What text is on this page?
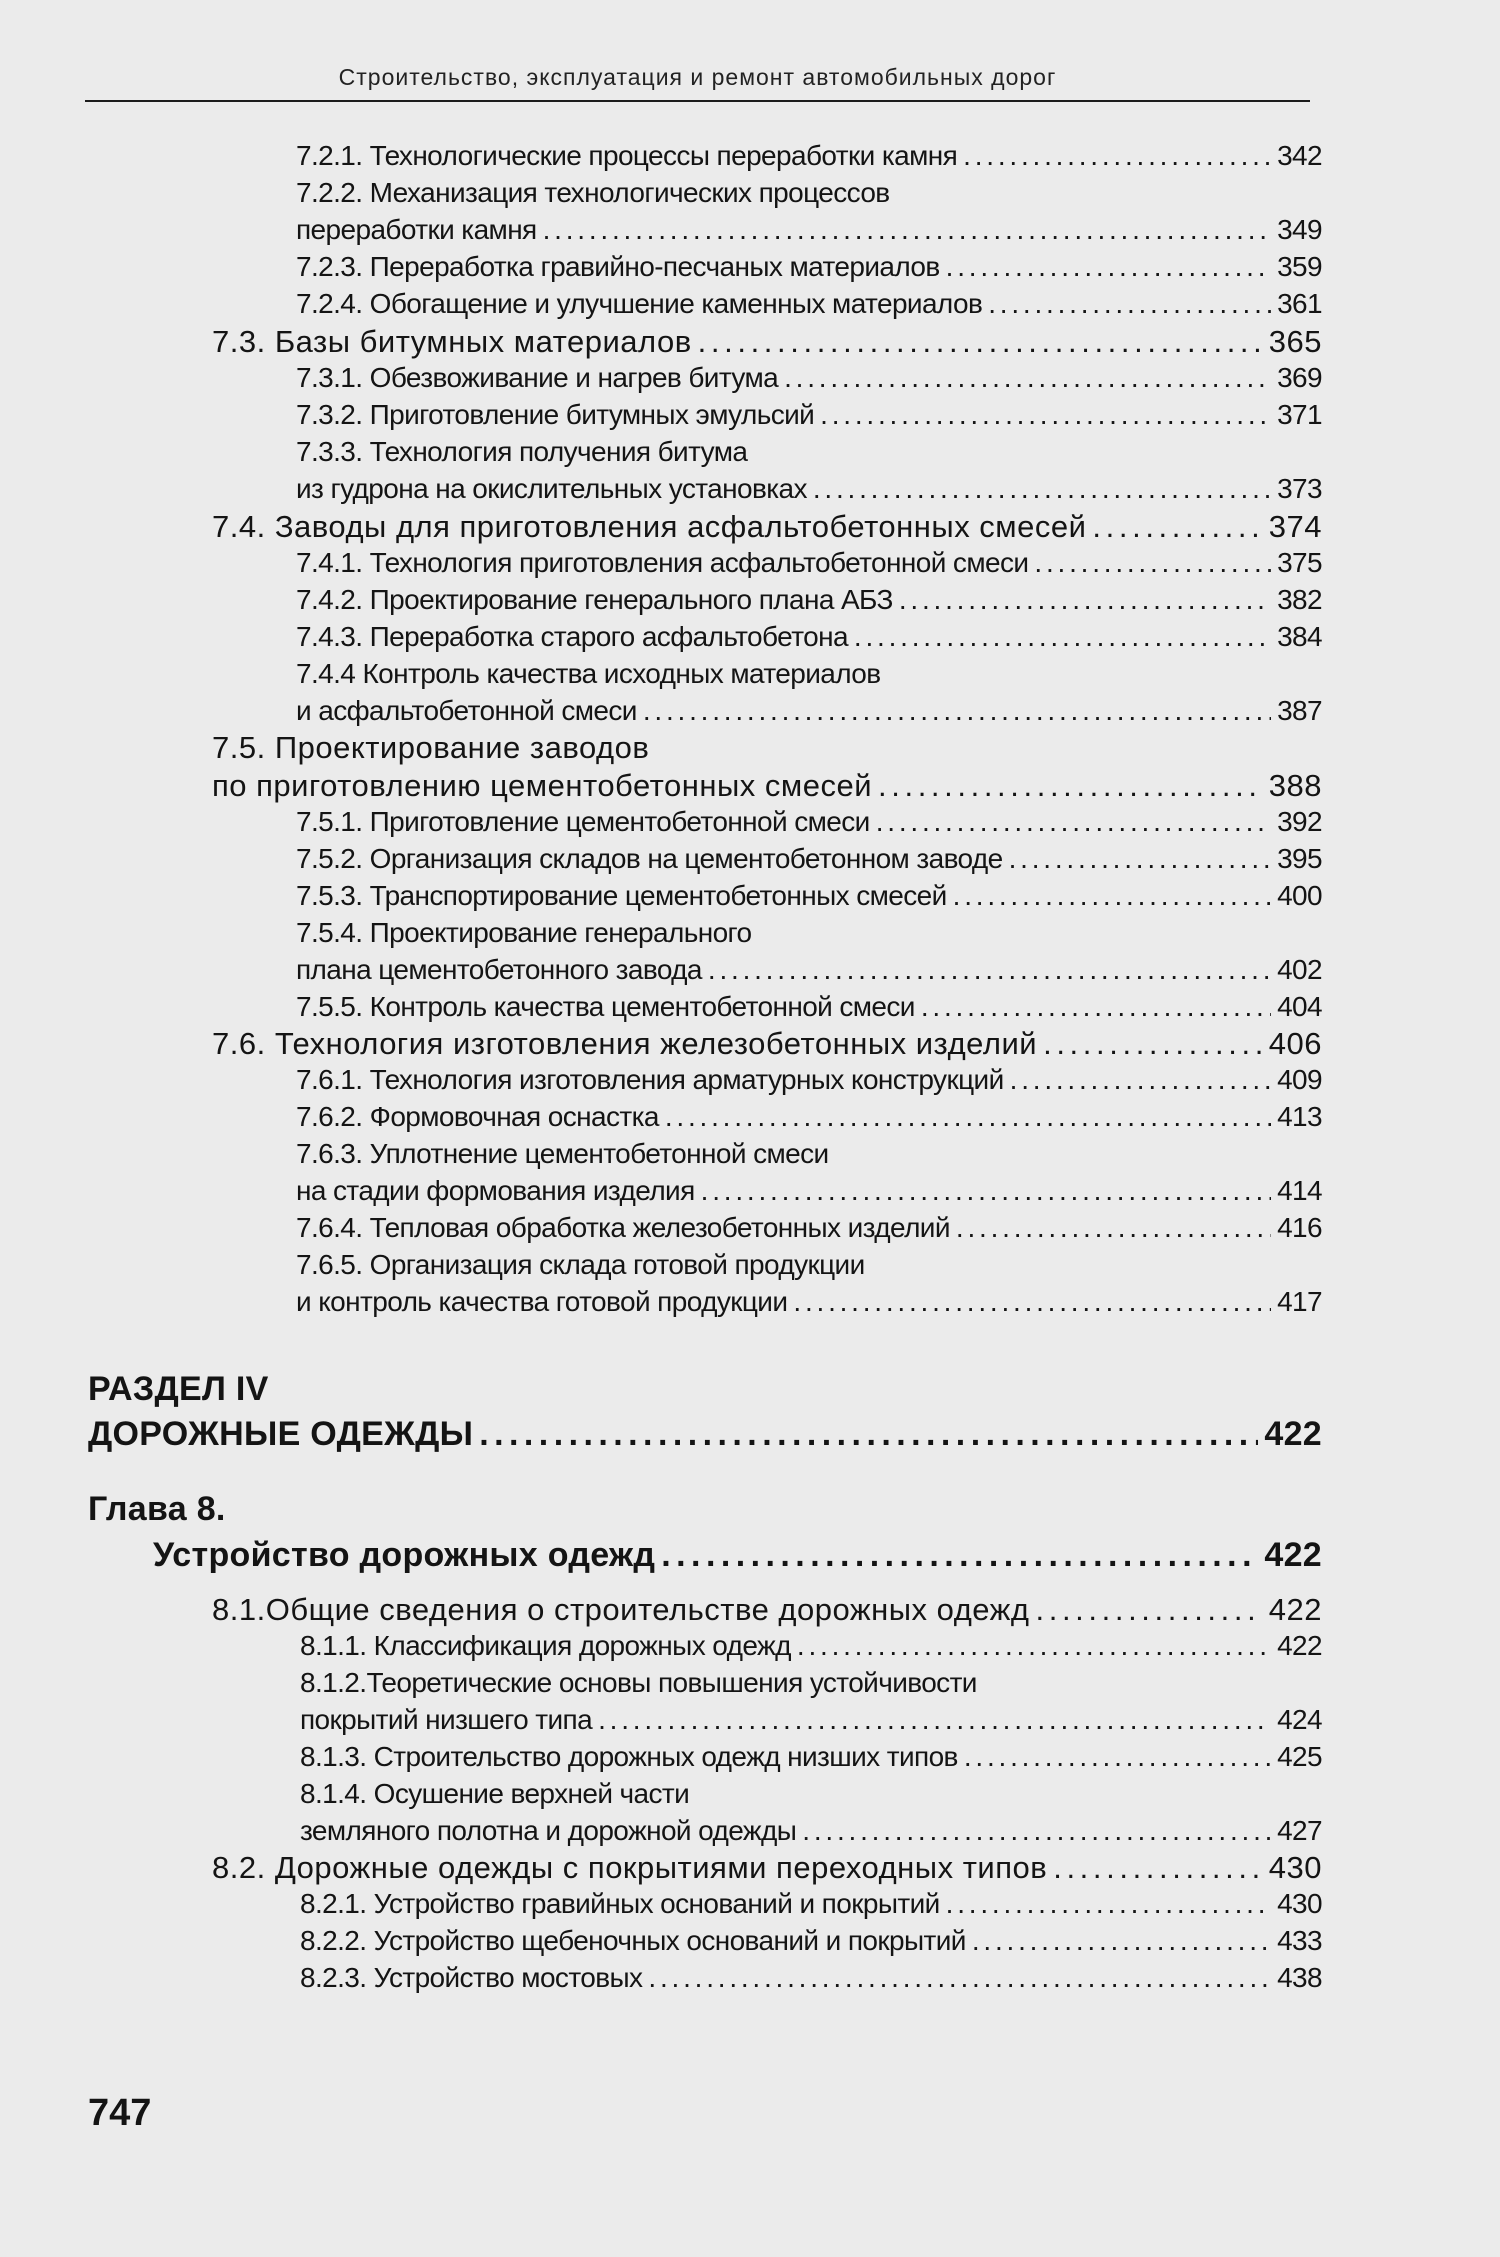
Строительство, эксплуатация и ремонт автомобильных дорог
7.2.1. Технологические процессы переработки камня . . .	342
7.2.2. Механизация технологических процессов
переработки камня . . .	349
7.2.3. Переработка гравийно-песчаных материалов . . .	359
7.2.4. Обогащение и улучшение каменных материалов . . .	361
7.3. Базы битумных материалов . . .	365
7.3.1. Обезвоживание и нагрев битума . . .	369
7.3.2. Приготовление битумных эмульсий . . .	371
7.3.3. Технология получения битума
из гудрона на окислительных установках . . .	373
7.4. Заводы для приготовления асфальтобетонных смесей . . .	374
7.4.1. Технология приготовления асфальтобетонной смеси . . .	375
7.4.2. Проектирование генерального плана АБЗ . . .	382
7.4.3. Переработка старого асфальтобетона . . .	384
7.4.4 Контроль качества исходных материалов
и асфальтобетонной смеси . . .	387
7.5. Проектирование заводов
по приготовлению цементобетонных смесей . . .	388
7.5.1. Приготовление цементобетонной смеси . . .	392
7.5.2. Организация складов на цементобетонном заводе . . .	395
7.5.3. Транспортирование цементобетонных смесей . . .	400
7.5.4. Проектирование генерального
плана цементобетонного завода . . .	402
7.5.5. Контроль качества цементобетонной смеси . . .	404
7.6. Технология изготовления железобетонных изделий . . .	406
7.6.1. Технология изготовления арматурных конструкций . . .	409
7.6.2. Формовочная оснастка . . .	413
7.6.3. Уплотнение цементобетонной смеси
на стадии формования изделия . . .	414
7.6.4. Тепловая обработка железобетонных изделий . . .	416
7.6.5. Организация склада готовой продукции
и контроль качества готовой продукции . . .	417
РАЗДЕЛ IV
ДОРОЖНЫЕ ОДЕЖДЫ . . .	422
Глава 8.
Устройство дорожных одежд . . .	422
8.1.Общие сведения о строительстве дорожных одежд . . .	422
8.1.1. Классификация дорожных одежд . . .	422
8.1.2.Теоретические основы повышения устойчивости
покрытий низшего типа . . .	424
8.1.3. Строительство дорожных одежд низших типов . . .	425
8.1.4. Осушение верхней части
земляного полотна и дорожной одежды . . .	427
8.2. Дорожные одежды с покрытиями переходных типов . . .	430
8.2.1. Устройство гравийных оснований и покрытий . . .	430
8.2.2. Устройство щебеночных оснований и покрытий . . .	433
8.2.3. Устройство мостовых . . .	438
747
